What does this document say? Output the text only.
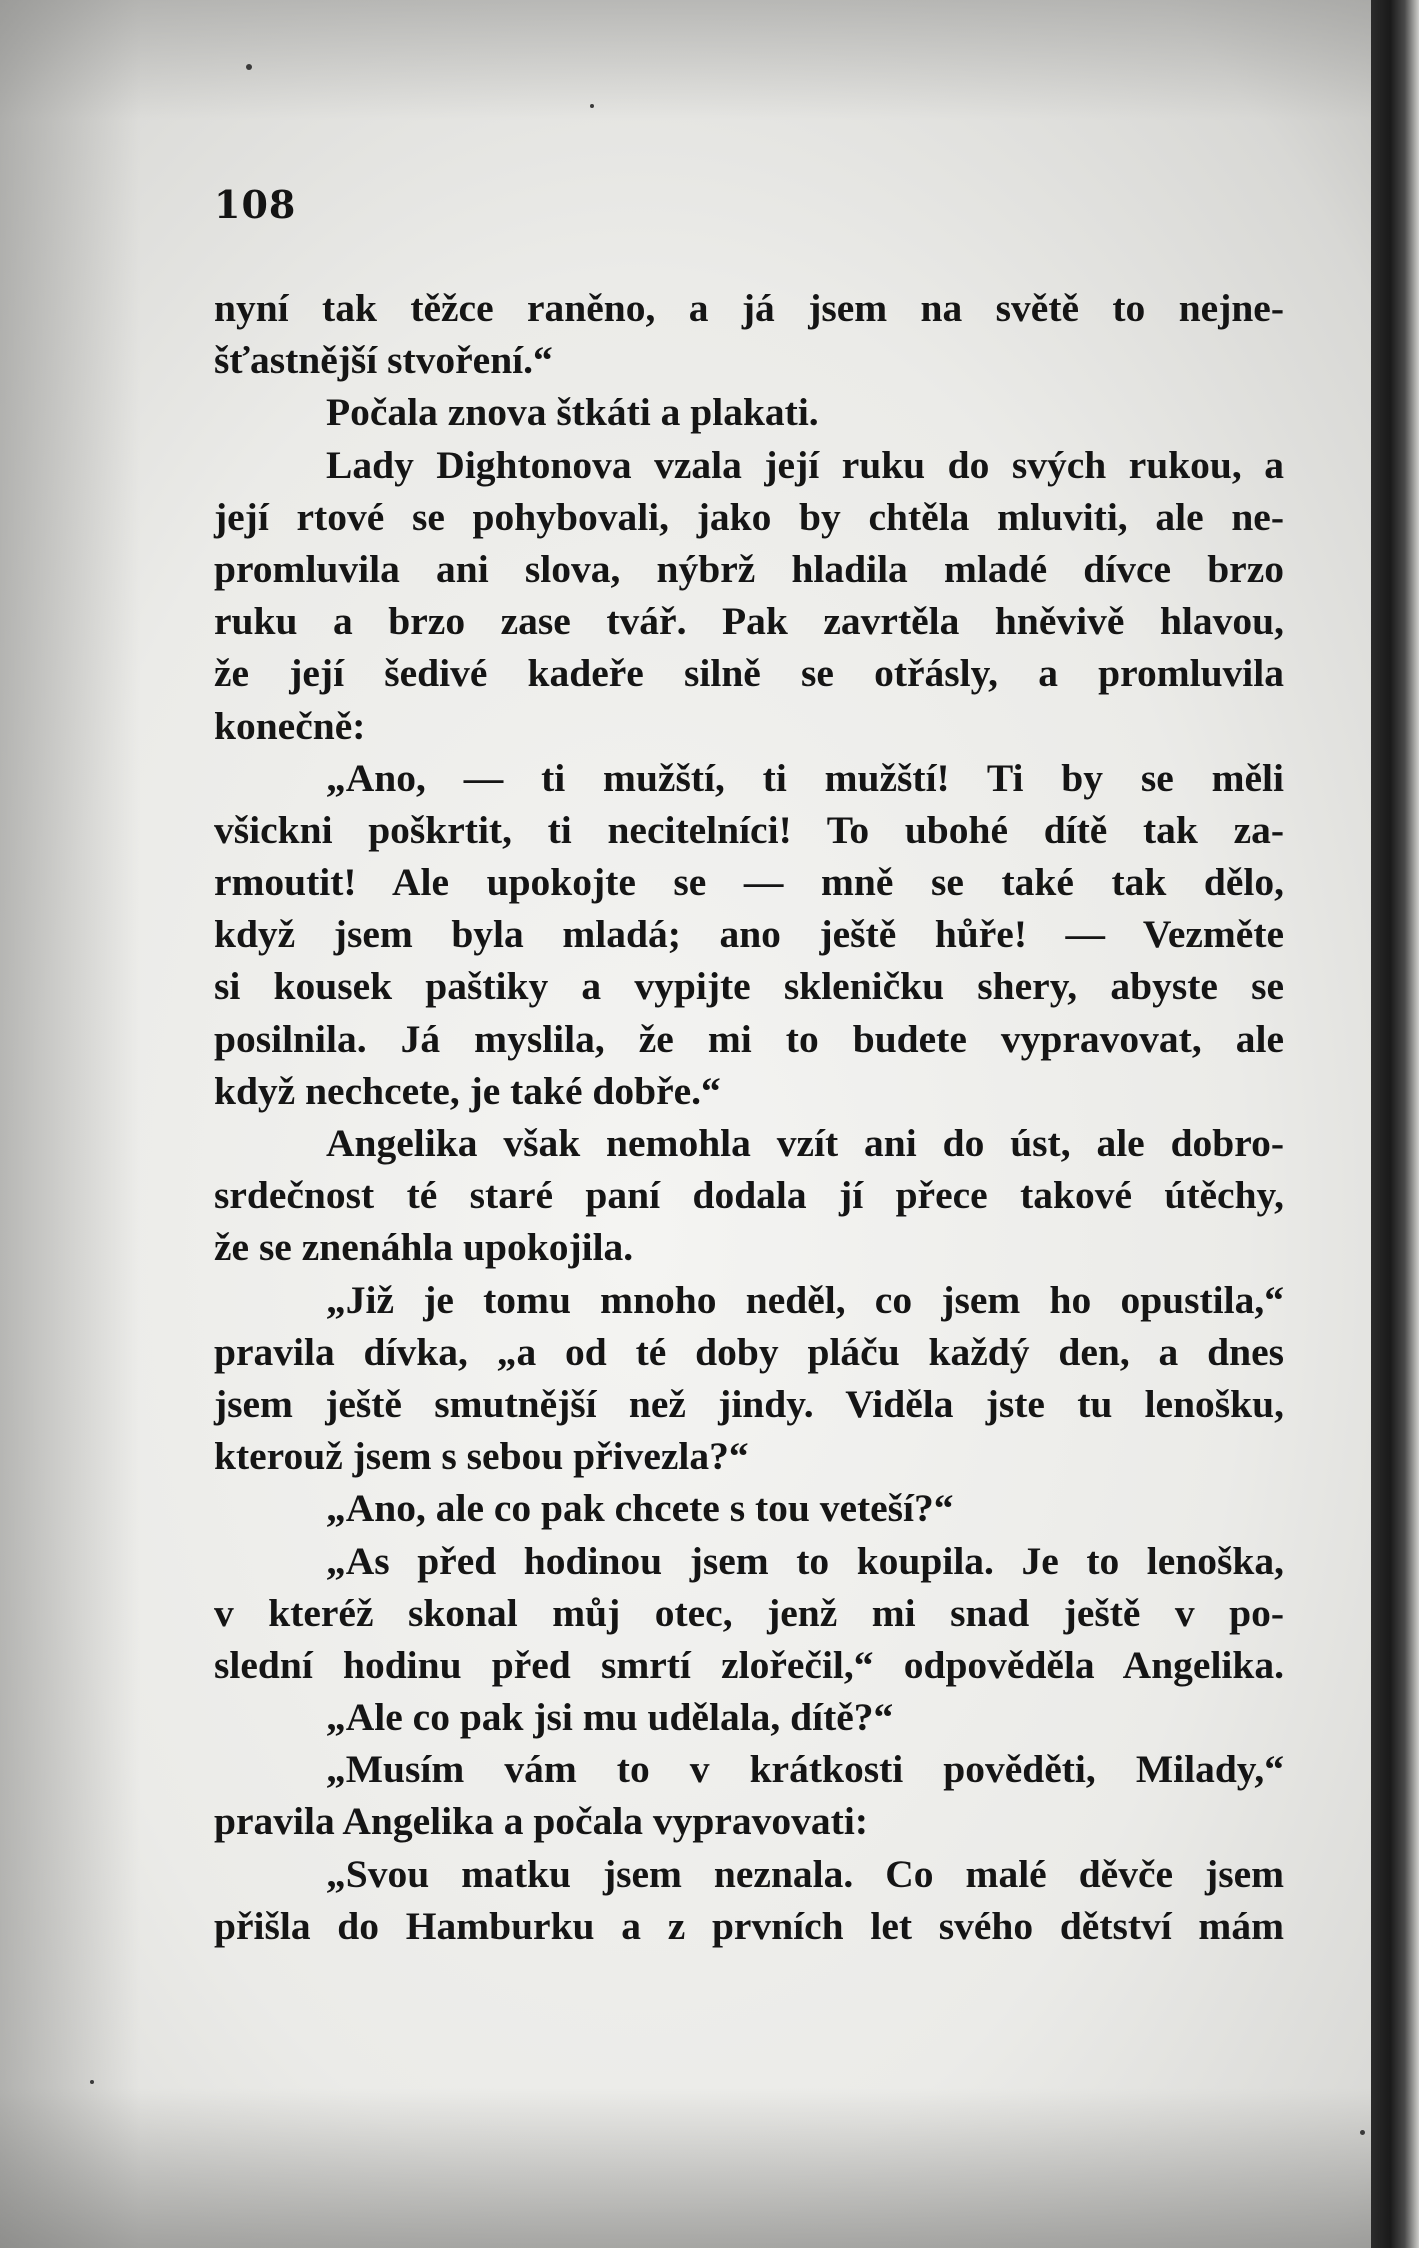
108
nyní tak těžce raněno, a já jsem na světě to nejne-
šťastnější stvoření.“
Počala znova štkáti a plakati.
Lady Dightonova vzala její ruku do svých rukou, a
její rtové se pohybovali, jako by chtěla mluviti, ale ne-
promluvila ani slova, nýbrž hladila mladé dívce brzo
ruku a brzo zase tvář. Pak zavrtěla hněvivě hlavou,
že její šedivé kadeře silně se otřásly, a promluvila
konečně:
„Ano, — ti mužští, ti mužští! Ti by se měli
všickni poškrtit, ti necitelníci! To ubohé dítě tak za-
rmoutit! Ale upokojte se — mně se také tak dělo,
když jsem byla mladá; ano ještě hůře! — Vezměte
si kousek paštiky a vypijte skleničku shery, abyste se
posilnila. Já myslila, že mi to budete vypravovat, ale
když nechcete, je také dobře.“
Angelika však nemohla vzít ani do úst, ale dobro-
srdečnost té staré paní dodala jí přece takové útěchy,
že se znenáhla upokojila.
„Již je tomu mnoho neděl, co jsem ho opustila,“
pravila dívka, „a od té doby pláču každý den, a dnes
jsem ještě smutnější než jindy. Viděla jste tu lenošku,
kterouž jsem s sebou přivezla?“
„Ano, ale co pak chcete s tou veteší?“
„As před hodinou jsem to koupila. Je to lenoška,
v kteréž skonal můj otec, jenž mi snad ještě v po-
slední hodinu před smrtí zlořečil,“ odpověděla Angelika.
„Ale co pak jsi mu udělala, dítě?“
„Musím vám to v krátkosti pověděti, Milady,“
pravila Angelika a počala vypravovati:
„Svou matku jsem neznala. Co malé děvče jsem
přišla do Hamburku a z prvních let svého dětství mám
